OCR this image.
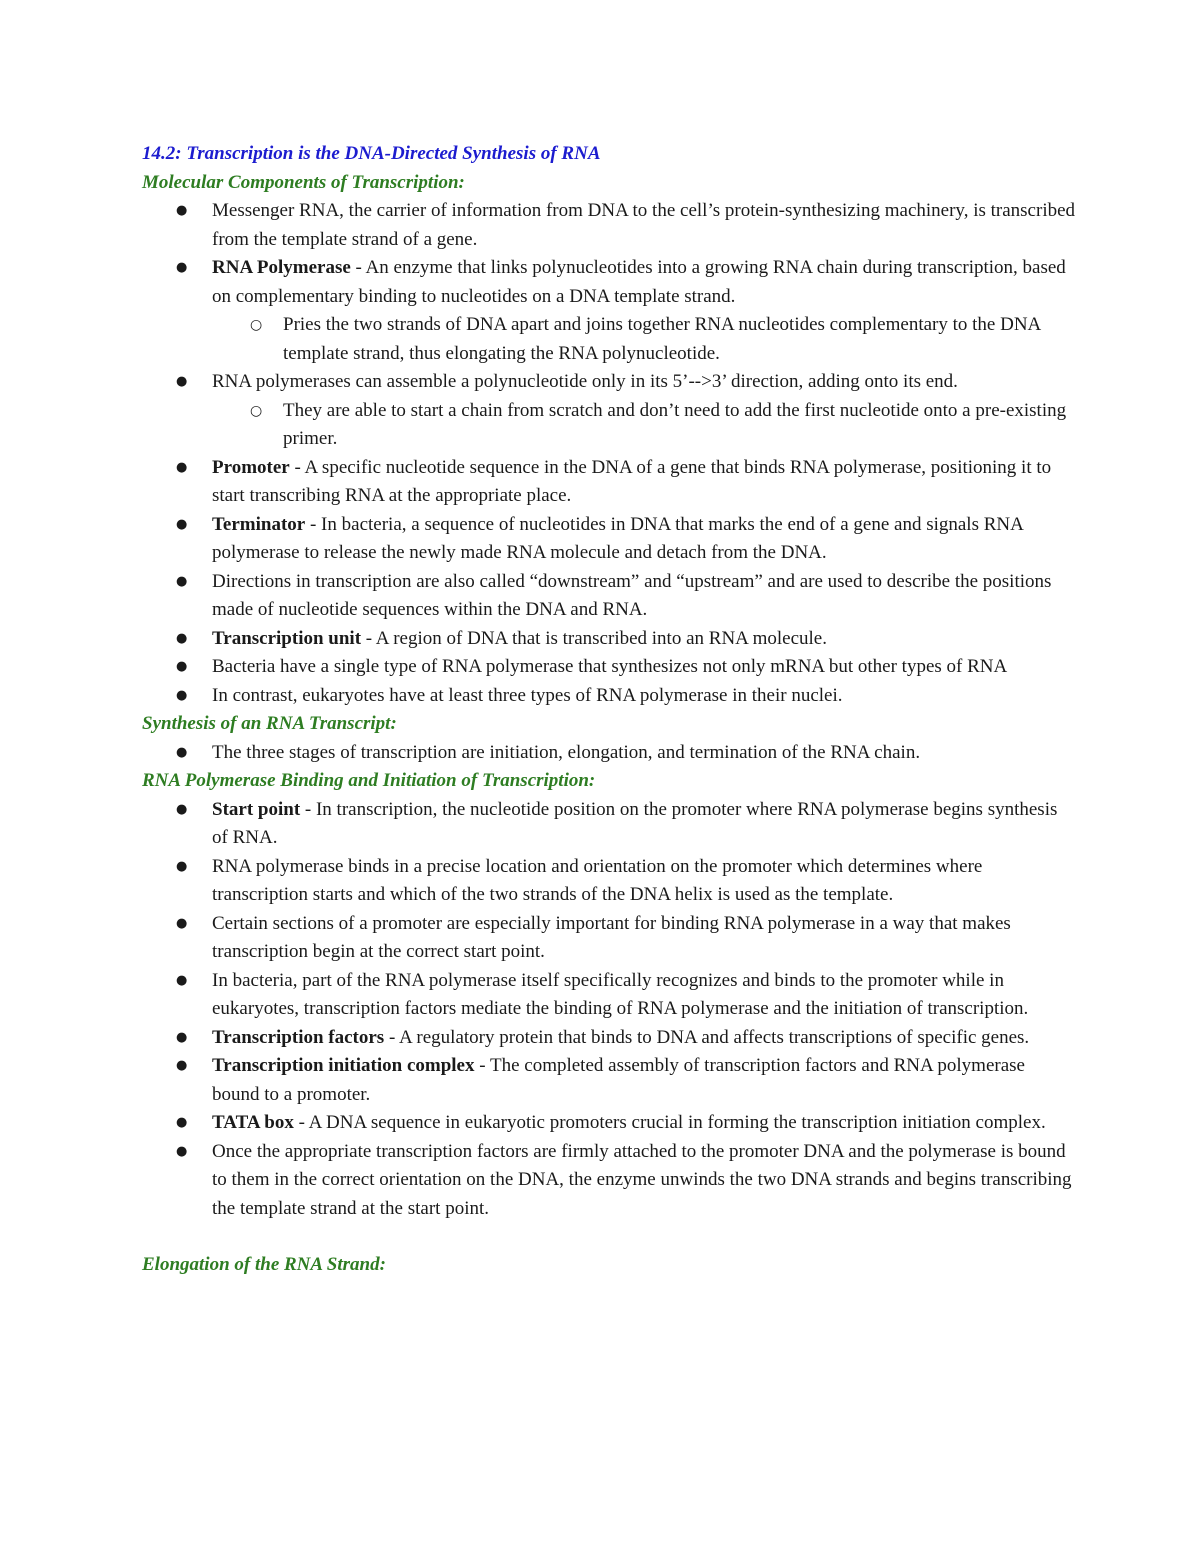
14.2: Transcription is the DNA-Directed Synthesis of RNA

Molecular Components of Transcription:

● Messenger RNA, the carrier of information from DNA to the cell’s protein-synthesizing machinery, is transcribed from the template strand of a gene.
● RNA Polymerase - An enzyme that links polynucleotides into a growing RNA chain during transcription, based on complementary binding to nucleotides on a DNA template strand.
○ Pries the two strands of DNA apart and joins together RNA nucleotides complementary to the DNA template strand, thus elongating the RNA polynucleotide.
● RNA polymerases can assemble a polynucleotide only in its 5’-->3’ direction, adding onto its end.
○ They are able to start a chain from scratch and don’t need to add the first nucleotide onto a pre-existing primer.
● Promoter - A specific nucleotide sequence in the DNA of a gene that binds RNA polymerase, positioning it to start transcribing RNA at the appropriate place.
● Terminator - In bacteria, a sequence of nucleotides in DNA that marks the end of a gene and signals RNA polymerase to release the newly made RNA molecule and detach from the DNA.
● Directions in transcription are also called “downstream” and “upstream” and are used to describe the positions made of nucleotide sequences within the DNA and RNA.
● Transcription unit - A region of DNA that is transcribed into an RNA molecule.
● Bacteria have a single type of RNA polymerase that synthesizes not only mRNA but other types of RNA
● In contrast, eukaryotes have at least three types of RNA polymerase in their nuclei.

Synthesis of an RNA Transcript:

● The three stages of transcription are initiation, elongation, and termination of the RNA chain.

RNA Polymerase Binding and Initiation of Transcription:

● Start point - In transcription, the nucleotide position on the promoter where RNA polymerase begins synthesis of RNA.
● RNA polymerase binds in a precise location and orientation on the promoter which determines where transcription starts and which of the two strands of the DNA helix is used as the template.
● Certain sections of a promoter are especially important for binding RNA polymerase in a way that makes transcription begin at the correct start point.
● In bacteria, part of the RNA polymerase itself specifically recognizes and binds to the promoter while in eukaryotes, transcription factors mediate the binding of RNA polymerase and the initiation of transcription.
● Transcription factors - A regulatory protein that binds to DNA and affects transcriptions of specific genes.
● Transcription initiation complex - The completed assembly of transcription factors and RNA polymerase bound to a promoter.
● TATA box - A DNA sequence in eukaryotic promoters crucial in forming the transcription initiation complex.
● Once the appropriate transcription factors are firmly attached to the promoter DNA and the polymerase is bound to them in the correct orientation on the DNA, the enzyme unwinds the two DNA strands and begins transcribing the template strand at the start point.

Elongation of the RNA Strand:
